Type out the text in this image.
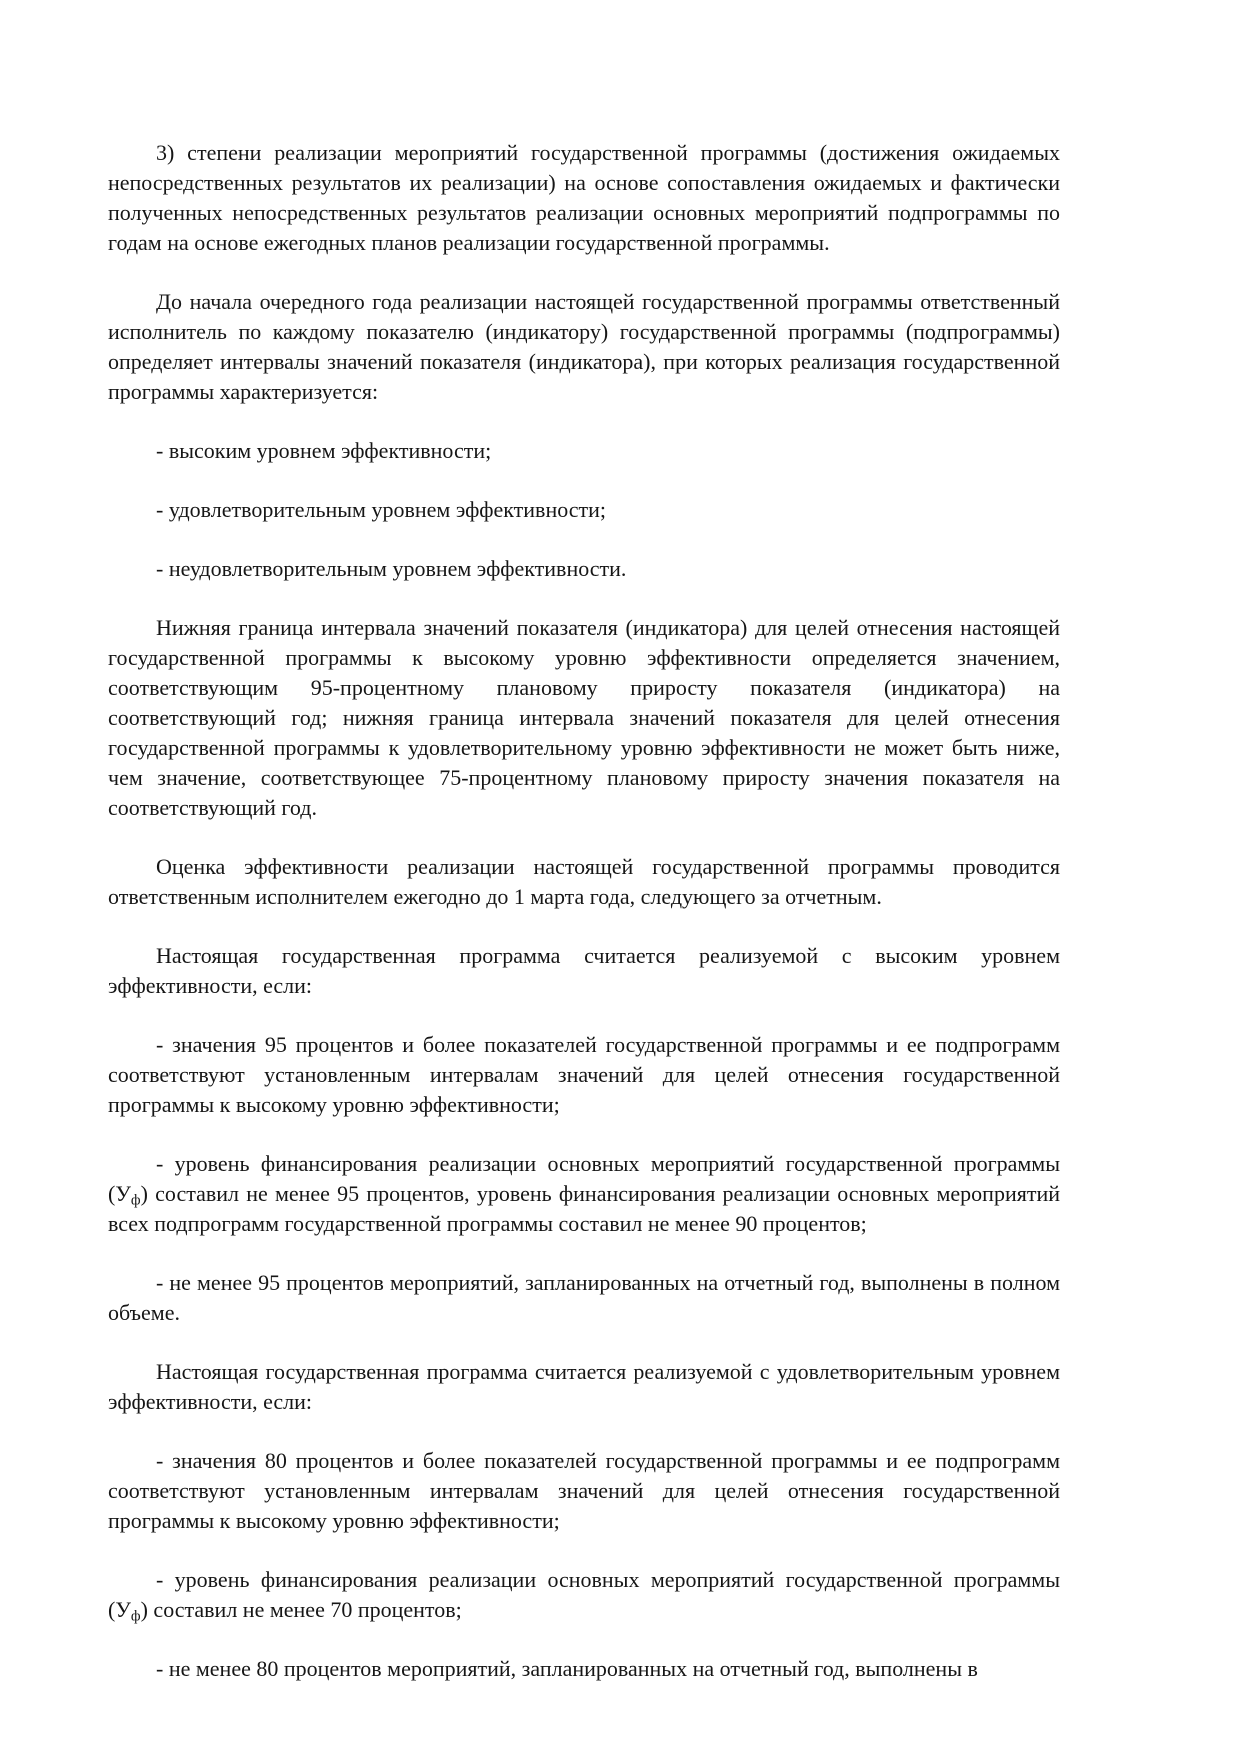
3) степени реализации мероприятий государственной программы (достижения ожидаемых непосредственных результатов их реализации) на основе сопоставления ожидаемых и фактически полученных непосредственных результатов реализации основных мероприятий подпрограммы по годам на основе ежегодных планов реализации государственной программы.

До начала очередного года реализации настоящей государственной программы ответственный исполнитель по каждому показателю (индикатору) государственной программы (подпрограммы) определяет интервалы значений показателя (индикатора), при которых реализация государственной программы характеризуется:

- высоким уровнем эффективности;

- удовлетворительным уровнем эффективности;

- неудовлетворительным уровнем эффективности.

Нижняя граница интервала значений показателя (индикатора) для целей отнесения настоящей государственной программы к высокому уровню эффективности определяется значением, соответствующим 95-процентному плановому приросту показателя (индикатора) на соответствующий год; нижняя граница интервала значений показателя для целей отнесения государственной программы к удовлетворительному уровню эффективности не может быть ниже, чем значение, соответствующее 75-процентному плановому приросту значения показателя на соответствующий год.

Оценка эффективности реализации настоящей государственной программы проводится ответственным исполнителем ежегодно до 1 марта года, следующего за отчетным.

Настоящая государственная программа считается реализуемой с высоким уровнем эффективности, если:

- значения 95 процентов и более показателей государственной программы и ее подпрограмм соответствуют установленным интервалам значений для целей отнесения государственной программы к высокому уровню эффективности;

- уровень финансирования реализации основных мероприятий государственной программы $(У_ф)$ составил не менее 95 процентов, уровень финансирования реализации основных мероприятий всех подпрограмм государственной программы составил не менее 90 процентов;

- не менее 95 процентов мероприятий, запланированных на отчетный год, выполнены в полном объеме.

Настоящая государственная программа считается реализуемой с удовлетворительным уровнем эффективности, если:

- значения 80 процентов и более показателей государственной программы и ее подпрограмм соответствуют установленным интервалам значений для целей отнесения государственной программы к высокому уровню эффективности;

- уровень финансирования реализации основных мероприятий государственной программы $(У_ф)$ составил не менее 70 процентов;

- не менее 80 процентов мероприятий, запланированных на отчетный год, выполнены в
